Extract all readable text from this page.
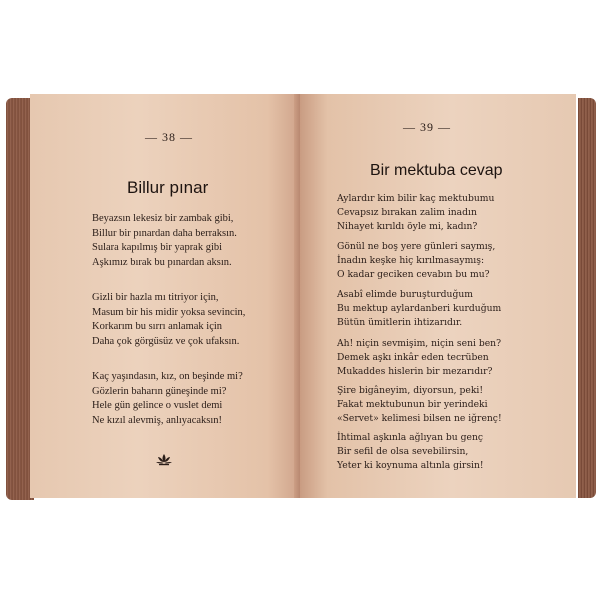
— 38 —
Billur pınar
Beyazsın lekesiz bir zambak gibi,
Billur bir pınardan daha berraksın.
Sulara kapılmış bir yaprak gibi
Aşkımız bırak bu pınardan aksın.
Gizli bir hazla mı titriyor için,
Masum bir his midir yoksa sevincin,
Korkarım bu sırrı anlamak için
Daha çok görgüsüz ve çok ufaksın.
Kaç yaşındasın, kız, on beşinde mi?
Gözlerin baharın güneşinde mi?
Hele gün gelince o vuslet demi
Ne kızıl alevmiş, anlıyacaksın!
— 39 —
Bir mektuba cevap
Aylardır kim bilir kaç mektubumu
Cevapsız bırakan zalim inadın
Nihayet kırıldı öyle mi, kadın?
Gönül ne boş yere günleri saymış,
İnadın keşke hiç kırılmasaymış:
O kadar geciken cevabın bu mu?
Asabî elimde buruşturduğum
Bu mektup aylardanberi kurduğum
Bütün ümitlerin ihtizarıdır.
Ah! niçin sevmişim, niçin seni ben?
Demek aşkı inkâr eden tecrüben
Mukaddes hislerin bir mezarıdır?
Şire bigâneyim, diyorsun, peki!
Fakat mektubunun bir yerindeki
«Servet» kelimesi bilsen ne iğrenç!
İhtimal aşkınla ağlıyan bu genç
Bir sefil de olsa sevebilirsin,
Yeter ki koynuma altınla girsin!
